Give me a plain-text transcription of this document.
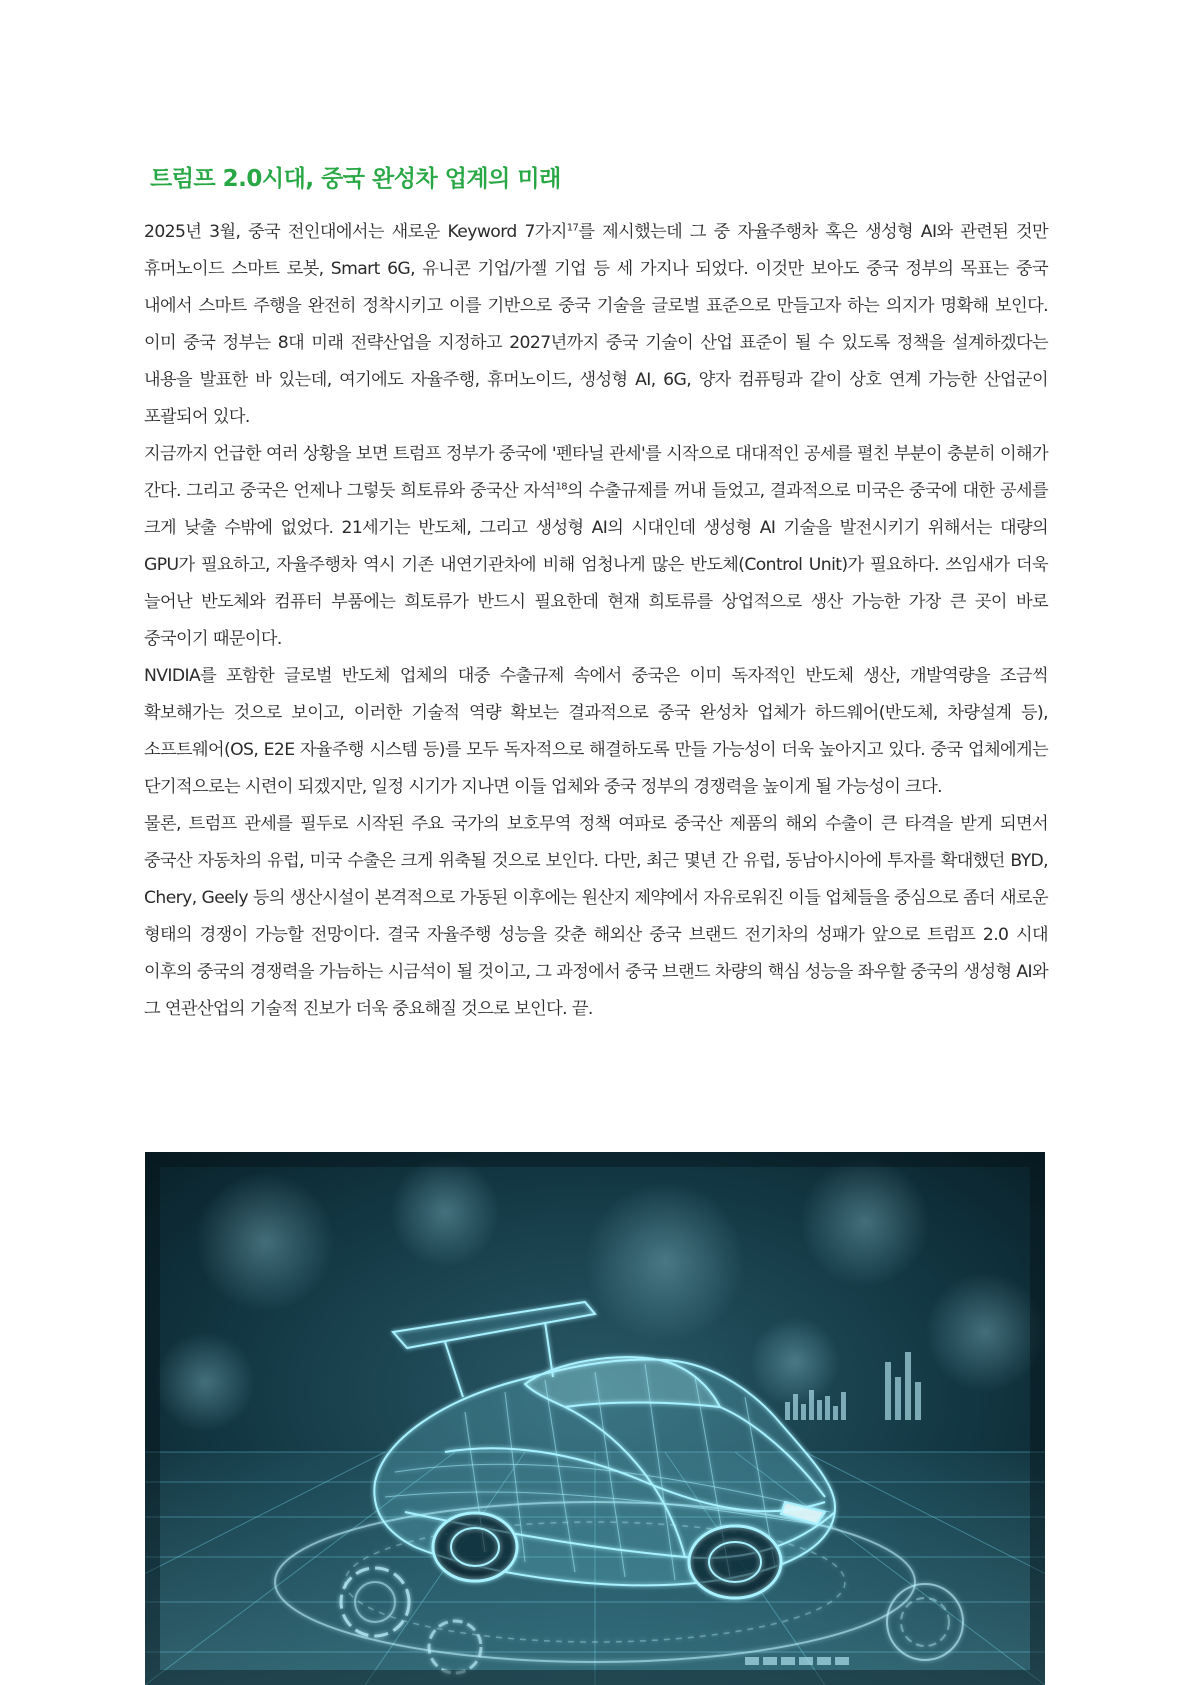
트럼프 2.0시대, 중국 완성차 업계의 미래

2025년 3월, 중국 전인대에서는 새로운 Keyword 7가지$^{17}$를 제시했는데 그 중 자율주행차 혹은 생성형 AI와 관련된 것만 휴머노이드 스마트 로봇, Smart 6G, 유니콘 기업/가젤 기업 등 세 가지나 되었다. 이것만 보아도 중국 정부의 목표는 중국 내에서 스마트 주행을 완전히 정착시키고 이를 기반으로 중국 기술을 글로벌 표준으로 만들고자 하는 의지가 명확해 보인다. 이미 중국 정부는 8대 미래 전략산업을 지정하고 2027년까지 중국 기술이 산업 표준이 될 수 있도록 정책을 설계하겠다는 내용을 발표한 바 있는데, 여기에도 자율주행, 휴머노이드, 생성형 AI, 6G, 양자 컴퓨팅과 같이 상호 연계 가능한 산업군이 포괄되어 있다.

지금까지 언급한 여러 상황을 보면 트럼프 정부가 중국에 '펜타닐 관세'를 시작으로 대대적인 공세를 펼친 부분이 충분히 이해가 간다. 그리고 중국은 언제나 그렇듯 희토류와 중국산 자석$^{18}$의 수출규제를 꺼내 들었고, 결과적으로 미국은 중국에 대한 공세를 크게 낮출 수밖에 없었다. 21세기는 반도체, 그리고 생성형 AI의 시대인데 생성형 AI 기술을 발전시키기 위해서는 대량의 GPU가 필요하고, 자율주행차 역시 기존 내연기관차에 비해 엄청나게 많은 반도체(Control Unit)가 필요하다. 쓰임새가 더욱 늘어난 반도체와 컴퓨터 부품에는 희토류가 반드시 필요한데 현재 희토류를 상업적으로 생산 가능한 가장 큰 곳이 바로 중국이기 때문이다.

NVIDIA를 포함한 글로벌 반도체 업체의 대중 수출규제 속에서 중국은 이미 독자적인 반도체 생산, 개발역량을 조금씩 확보해가는 것으로 보이고, 이러한 기술적 역량 확보는 결과적으로 중국 완성차 업체가 하드웨어(반도체, 차량설계 등), 소프트웨어(OS, E2E 자율주행 시스템 등)를 모두 독자적으로 해결하도록 만들 가능성이 더욱 높아지고 있다. 중국 업체에게는 단기적으로는 시련이 되겠지만, 일정 시기가 지나면 이들 업체와 중국 정부의 경쟁력을 높이게 될 가능성이 크다.

물론, 트럼프 관세를 필두로 시작된 주요 국가의 보호무역 정책 여파로 중국산 제품의 해외 수출이 큰 타격을 받게 되면서 중국산 자동차의 유럽, 미국 수출은 크게 위축될 것으로 보인다. 다만, 최근 몇년 간 유럽, 동남아시아에 투자를 확대했던 BYD, Chery, Geely 등의 생산시설이 본격적으로 가동된 이후에는 원산지 제약에서 자유로워진 이들 업체들을 중심으로 좀더 새로운 형태의 경쟁이 가능할 전망이다. 결국 자율주행 성능을 갖춘 해외산 중국 브랜드 전기차의 성패가 앞으로 트럼프 2.0 시대 이후의 중국의 경쟁력을 가늠하는 시금석이 될 것이고, 그 과정에서 중국 브랜드 차량의 핵심 성능을 좌우할 중국의 생성형 AI와 그 연관산업의 기술적 진보가 더욱 중요해질 것으로 보인다. 끝.
